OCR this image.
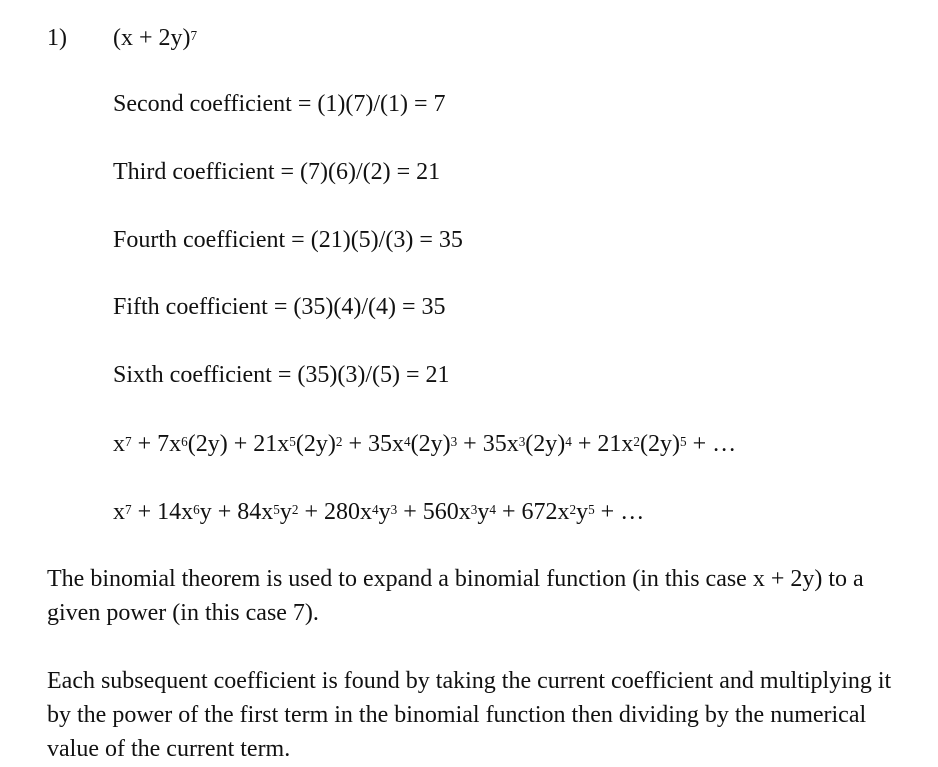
1) $(x + 2y)^7$
Second coefficient = (1)(7)/(1) = 7
Third coefficient = (7)(6)/(2) = 21
Fourth coefficient = (21)(5)/(3) = 35
Fifth coefficient = (35)(4)/(4) = 35
Sixth coefficient = (35)(3)/(5) = 21
$x^7 + 7x^6(2y) + 21x^5(2y)^2 + 35x^4(2y)^3 + 35x^3(2y)^4 + 21x^2(2y)^5$ + …
$x^7 + 14x^6y + 84x^5y^2 + 280x^4y^3 + 560x^3y^4 + 672x^2y^5$ + …
The binomial theorem is used to expand a binomial function (in this case x + 2y) to a given power (in this case 7).
Each subsequent coefficient is found by taking the current coefficient and multiplying it by the power of the first term in the binomial function then dividing by the numerical value of the current term.
